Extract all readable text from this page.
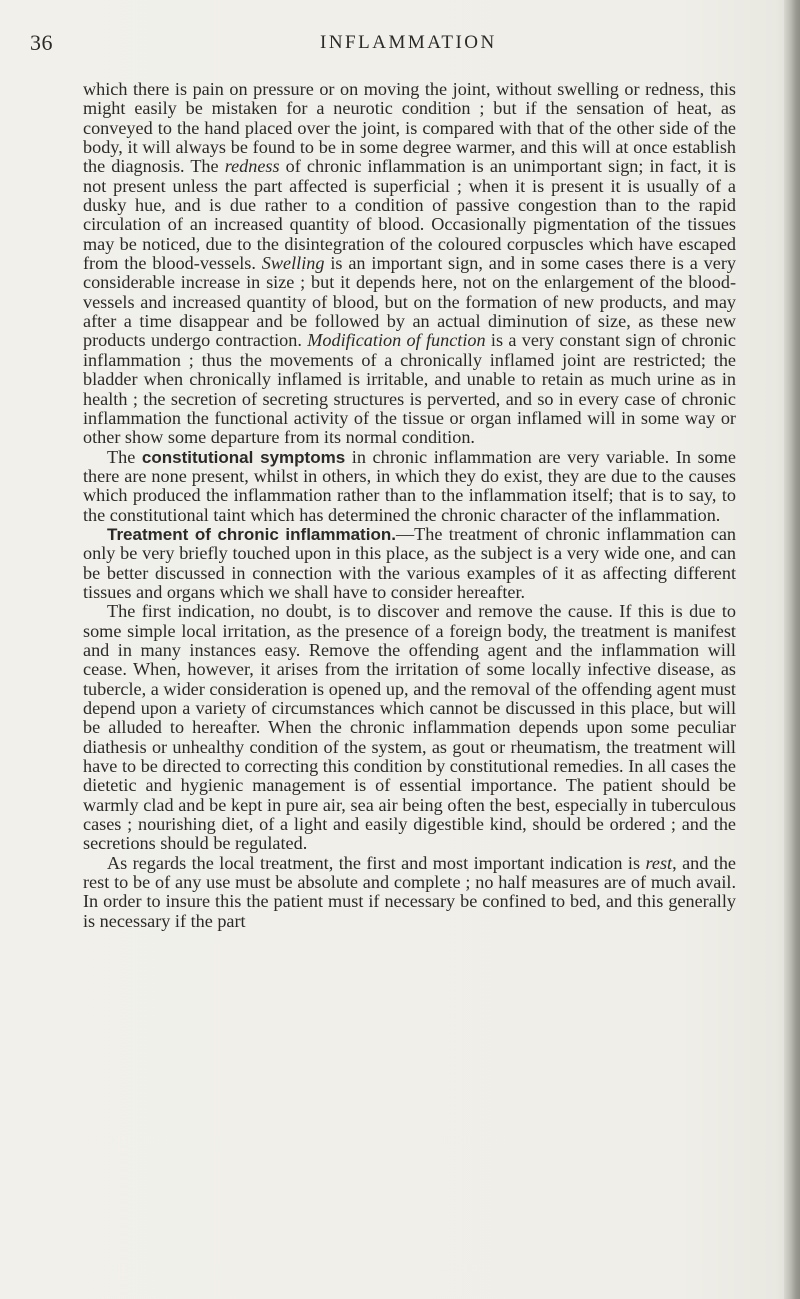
36	INFLAMMATION

which there is pain on pressure or on moving the joint, without swelling or redness, this might easily be mistaken for a neurotic condition ; but if the sensation of heat, as conveyed to the hand placed over the joint, is compared with that of the other side of the body, it will always be found to be in some degree warmer, and this will at once establish the diagnosis. The redness of chronic inflammation is an unimportant sign; in fact, it is not present unless the part affected is superficial ; when it is present it is usually of a dusky hue, and is due rather to a condition of passive congestion than to the rapid circulation of an increased quantity of blood. Occasionally pigmentation of the tissues may be noticed, due to the disintegration of the coloured corpuscles which have escaped from the blood-vessels. Swelling is an important sign, and in some cases there is a very considerable increase in size ; but it depends here, not on the enlargement of the blood-vessels and increased quantity of blood, but on the formation of new products, and may after a time disappear and be followed by an actual diminution of size, as these new products undergo contraction. Modification of function is a very constant sign of chronic inflammation ; thus the movements of a chronically inflamed joint are restricted; the bladder when chronically inflamed is irritable, and unable to retain as much urine as in health ; the secretion of secreting structures is perverted, and so in every case of chronic inflammation the functional activity of the tissue or organ inflamed will in some way or other show some departure from its normal condition.

The constitutional symptoms in chronic inflammation are very variable. In some there are none present, whilst in others, in which they do exist, they are due to the causes which produced the inflammation rather than to the inflammation itself; that is to say, to the constitutional taint which has determined the chronic character of the inflammation.

Treatment of chronic inflammation.—The treatment of chronic inflammation can only be very briefly touched upon in this place, as the subject is a very wide one, and can be better discussed in connection with the various examples of it as affecting different tissues and organs which we shall have to consider hereafter.

The first indication, no doubt, is to discover and remove the cause. If this is due to some simple local irritation, as the presence of a foreign body, the treatment is manifest and in many instances easy. Remove the offending agent and the inflammation will cease. When, however, it arises from the irritation of some locally infective disease, as tubercle, a wider consideration is opened up, and the removal of the offending agent must depend upon a variety of circumstances which cannot be discussed in this place, but will be alluded to hereafter. When the chronic inflammation depends upon some peculiar diathesis or unhealthy condition of the system, as gout or rheumatism, the treatment will have to be directed to correcting this condition by constitutional remedies. In all cases the dietetic and hygienic management is of essential importance. The patient should be warmly clad and be kept in pure air, sea air being often the best, especially in tuberculous cases ; nourishing diet, of a light and easily digestible kind, should be ordered ; and the secretions should be regulated.

As regards the local treatment, the first and most important indication is rest, and the rest to be of any use must be absolute and complete ; no half measures are of much avail. In order to insure this the patient must if necessary be confined to bed, and this generally is necessary if the part
